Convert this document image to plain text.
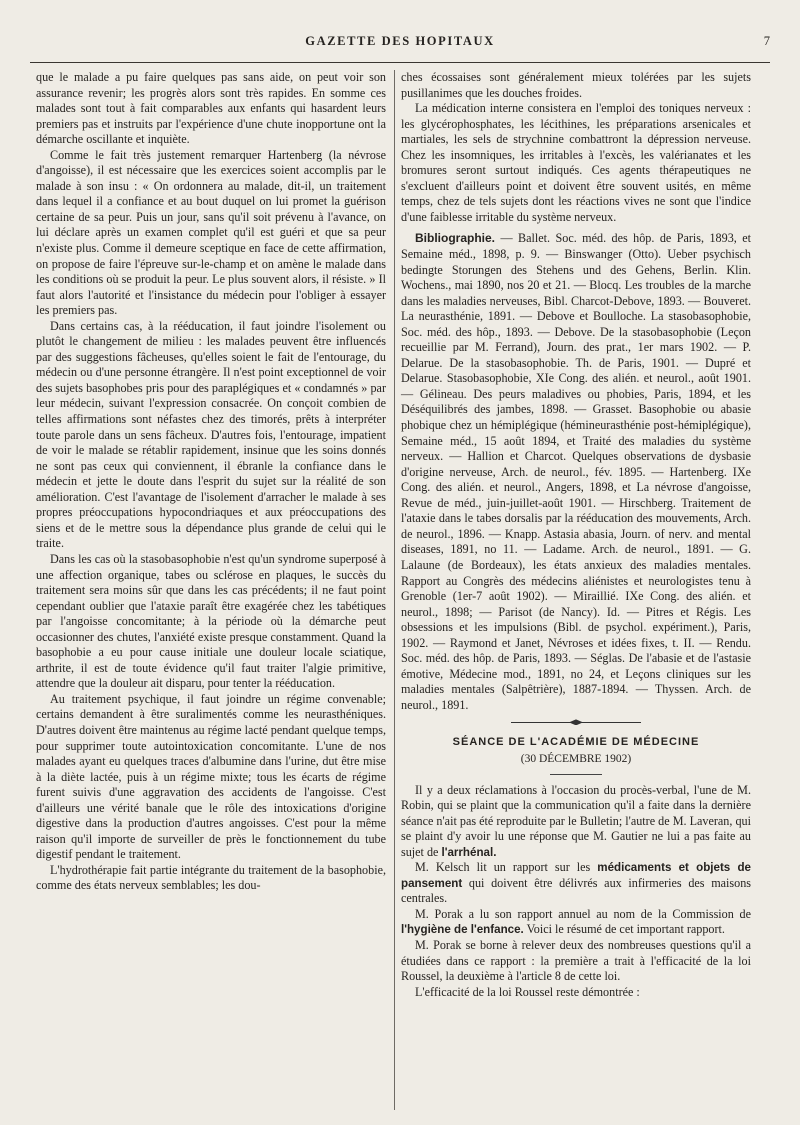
GAZETTE DES HOPITAUX	7

que le malade a pu faire quelques pas sans aide, on peut voir son assurance revenir; les progrès alors sont très rapides. En somme ces malades sont tout à fait comparables aux enfants qui hasardent leurs premiers pas et instruits par l'expérience d'une chute inopportune ont la démarche oscillante et inquiète.

Comme le fait très justement remarquer Hartenberg (la névrose d'angoisse), il est nécessaire que les exercices soient accomplis par le malade à son insu : « On ordonnera au malade, dit-il, un traitement dans lequel il a confiance et au bout duquel on lui promet la guérison certaine de sa peur. Puis un jour, sans qu'il soit prévenu à l'avance, on lui déclare après un examen complet qu'il est guéri et que sa peur n'existe plus. Comme il demeure sceptique en face de cette affirmation, on propose de faire l'épreuve sur-le-champ et on amène le malade dans les conditions où se produit la peur. Le plus souvent alors, il résiste. » Il faut alors l'autorité et l'insistance du médecin pour l'obliger à essayer les premiers pas.

Dans certains cas, à la rééducation, il faut joindre l'isolement ou plutôt le changement de milieu : les malades peuvent être influencés par des suggestions fâcheuses, qu'elles soient le fait de l'entourage, du médecin ou d'une personne étrangère. Il n'est point exceptionnel de voir des sujets basophobes pris pour des paraplégiques et « condamnés » par leur médecin, suivant l'expression consacrée. On conçoit combien de telles affirmations sont néfastes chez des timorés, prêts à interpréter toute parole dans un sens fâcheux. D'autres fois, l'entourage, impatient de voir le malade se rétablir rapidement, insinue que les soins donnés ne sont pas ceux qui conviennent, il ébranle la confiance dans le médecin et jette le doute dans l'esprit du sujet sur la réalité de son amélioration. C'est l'avantage de l'isolement d'arracher le malade à ses propres préoccupations hypocondriaques et aux préoccupations des siens et de le mettre sous la dépendance plus grande de celui qui le traite.

Dans les cas où la stasobasophobie n'est qu'un syndrome superposé à une affection organique, tabes ou sclérose en plaques, le succès du traitement sera moins sûr que dans les cas précédents; il ne faut point cependant oublier que l'ataxie paraît être exagérée chez les tabétiques par l'angoisse concomitante; à la période où la démarche peut occasionner des chutes, l'anxiété existe presque constamment. Quand la basophobie a eu pour cause initiale une douleur locale sciatique, arthrite, il est de toute évidence qu'il faut traiter l'algie primitive, attendre que la douleur ait disparu, pour tenter la rééducation.

Au traitement psychique, il faut joindre un régime convenable; certains demandent à être suralimentés comme les neurasthéniques. D'autres doivent être maintenus au régime lacté pendant quelque temps, pour supprimer toute autointoxication concomitante. L'une de nos malades ayant eu quelques traces d'albumine dans l'urine, dut être mise à la diète lactée, puis à un régime mixte; tous les écarts de régime furent suivis d'une aggravation des accidents de l'angoisse. C'est d'ailleurs une vérité banale que le rôle des intoxications d'origine digestive dans la production d'autres angoisses. C'est pour la même raison qu'il importe de surveiller de près le fonctionnement du tube digestif pendant le traitement.

L'hydrothérapie fait partie intégrante du traitement de la basophobie, comme des états nerveux semblables; les dou-

ches écossaises sont généralement mieux tolérées par les sujets pusillanimes que les douches froides.

La médication interne consistera en l'emploi des toniques nerveux : les glycérophosphates, les lécithines, les préparations arsenicales et martiales, les sels de strychnine combattront la dépression nerveuse. Chez les insomniques, les irritables à l'excès, les valérianates et les bromures seront surtout indiqués. Ces agents thérapeutiques ne s'excluent d'ailleurs point et doivent être souvent usités, en même temps, chez de tels sujets dont les réactions vives ne sont que l'indice d'une faiblesse irritable du système nerveux.

Bibliographie. — Ballet. Soc. méd. des hôp. de Paris, 1893, et Semaine méd., 1898, p. 9. — Binswanger (Otto). Ueber psychisch bedingte Storungen des Stehens und des Gehens, Berlin. Klin. Wochens., mai 1890, nos 20 et 21. — Blocq. Les troubles de la marche dans les maladies nerveuses, Bibl. Charcot-Debove, 1893. — Bouveret. La neurasthénie, 1891. — Debove et Boulloche. La stasobasophobie, Soc. méd. des hôp., 1893. — Debove. De la stasobasophobie (Leçon recueillie par M. Ferrand), Journ. des prat., 1er mars 1902. — P. Delarue. De la stasobasophobie. Th. de Paris, 1901. — Dupré et Delarue. Stasobasophobie, XIe Cong. des alién. et neurol., août 1901. — Gélineau. Des peurs maladives ou phobies, Paris, 1894, et les Déséquilibrés des jambes, 1898. — Grasset. Basophobie ou abasie phobique chez un hémiplégique (hémineurasthénie post-hémiplégique), Semaine méd., 15 août 1894, et Traité des maladies du système nerveux. — Hallion et Charcot. Quelques observations de dysbasie d'origine nerveuse, Arch. de neurol., fév. 1895. — Hartenberg. IXe Cong. des alién. et neurol., Angers, 1898, et La névrose d'angoisse, Revue de méd., juin-juillet-août 1901. — Hirschberg. Traitement de l'ataxie dans le tabes dorsalis par la rééducation des mouvements, Arch. de neurol., 1896. — Knapp. Astasia abasia, Journ. of nerv. and mental diseases, 1891, no 11. — Ladame. Arch. de neurol., 1891. — G. Lalaune (de Bordeaux), les états anxieux des maladies mentales. Rapport au Congrès des médecins aliénistes et neurologistes tenu à Grenoble (1er-7 août 1902). — Miraillié. IXe Cong. des alién. et neurol., 1898; — Parisot (de Nancy). Id. — Pitres et Régis. Les obsessions et les impulsions (Bibl. de psychol. expériment.), Paris, 1902. — Raymond et Janet, Névroses et idées fixes, t. II. — Rendu. Soc. méd. des hôp. de Paris, 1893. — Séglas. De l'abasie et de l'astasie émotive, Médecine mod., 1891, no 24, et Leçons cliniques sur les maladies mentales (Salpêtrière), 1887-1894. — Thyssen. Arch. de neurol., 1891.

SÉANCE DE L'ACADÉMIE DE MÉDECINE
(30 DÉCEMBRE 1902)

Il y a deux réclamations à l'occasion du procès-verbal, l'une de M. Robin, qui se plaint que la communication qu'il a faite dans la dernière séance n'ait pas été reproduite par le Bulletin; l'autre de M. Laveran, qui se plaint d'y avoir lu une réponse que M. Gautier ne lui a pas faite au sujet de l'arrhénal.

M. Kelsch lit un rapport sur les médicaments et objets de pansement qui doivent être délivrés aux infirmeries des maisons centrales.

M. Porak a lu son rapport annuel au nom de la Commission de l'hygiène de l'enfance. Voici le résumé de cet important rapport.

M. Porak se borne à relever deux des nombreuses questions qu'il a étudiées dans ce rapport : la première a trait à l'efficacité de la loi Roussel, la deuxième à l'article 8 de cette loi.

L'efficacité de la loi Roussel reste démontrée :
